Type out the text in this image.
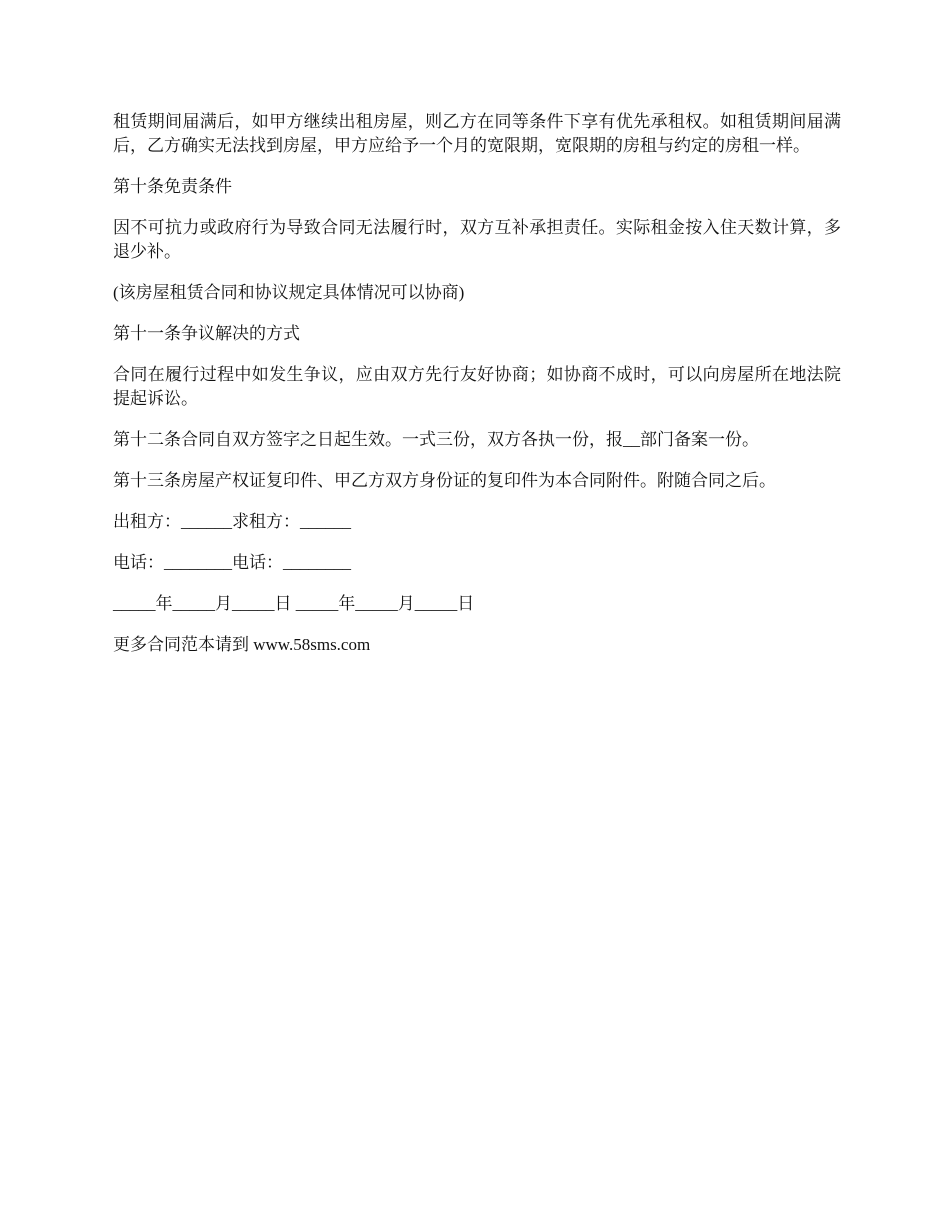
租赁期间届满后，如甲方继续出租房屋，则乙方在同等条件下享有优先承租权。如租赁期间届满后，乙方确实无法找到房屋，甲方应给予一个月的宽限期，宽限期的房租与约定的房租一样。

第十条免责条件

因不可抗力或政府行为导致合同无法履行时，双方互补承担责任。实际租金按入住天数计算，多退少补。

(该房屋租赁合同和协议规定具体情况可以协商)

第十一条争议解决的方式

合同在履行过程中如发生争议，应由双方先行友好协商；如协商不成时，可以向房屋所在地法院提起诉讼。

第十二条合同自双方签字之日起生效。一式三份，双方各执一份，报__部门备案一份。

第十三条房屋产权证复印件、甲乙方双方身份证的复印件为本合同附件。附随合同之后。

出租方：______求租方：______

电话：________电话：________

_____年_____月_____日 _____年_____月_____日

更多合同范本请到 www.58sms.com
